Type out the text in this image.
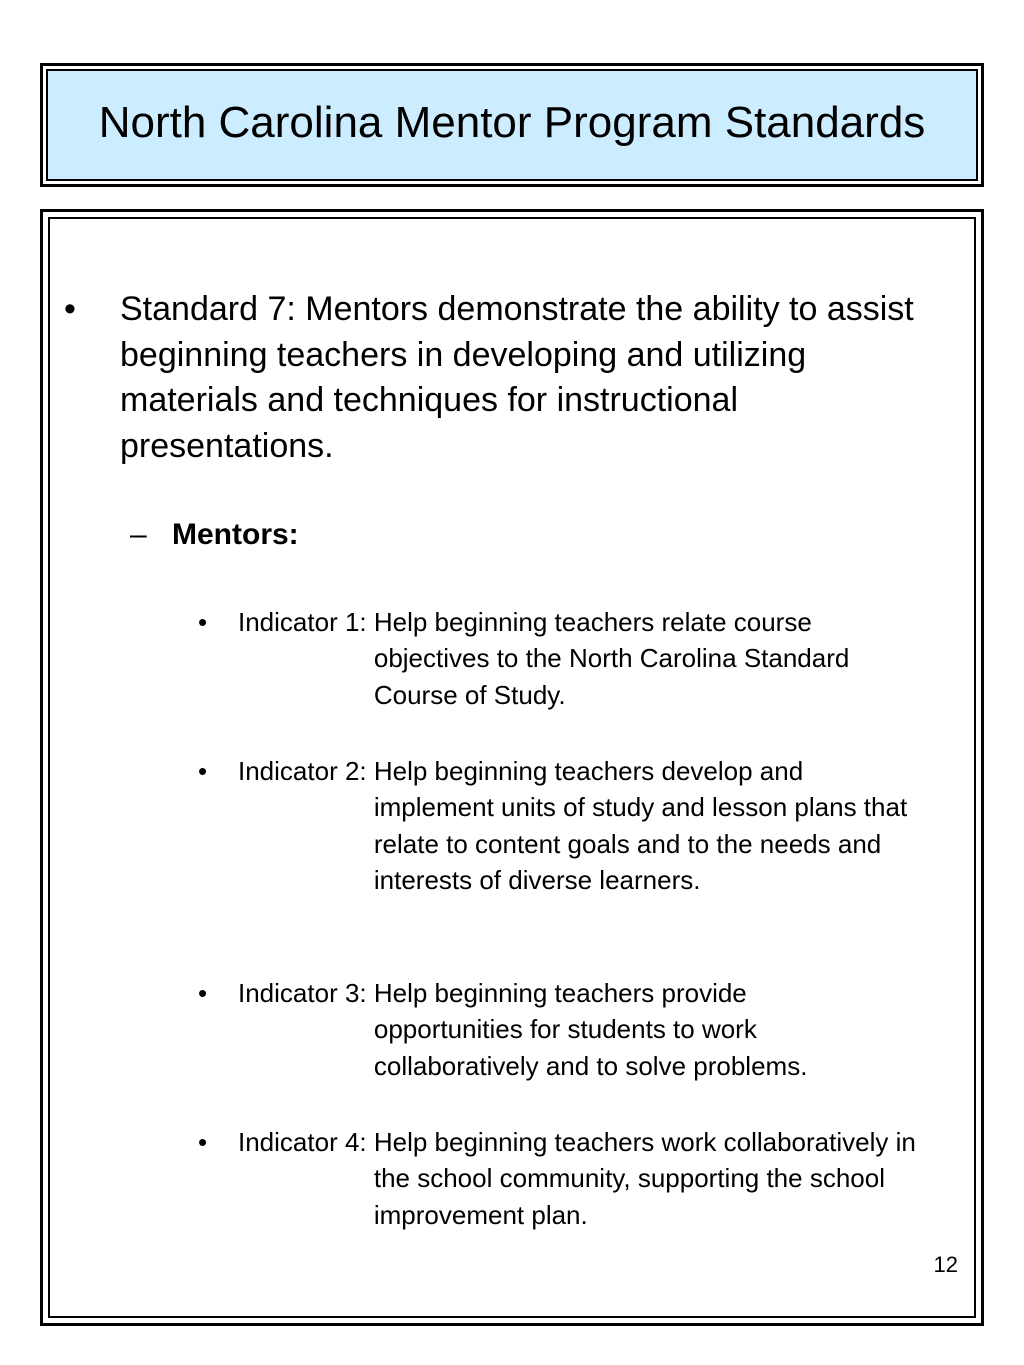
North Carolina Mentor Program Standards
•	Standard 7: Mentors demonstrate the ability to assist beginning teachers in developing and utilizing materials and techniques for instructional presentations.
– Mentors:
•	Indicator 1: Help beginning teachers relate course objectives to the North Carolina Standard Course of Study.
•	Indicator 2: Help beginning teachers develop and implement units of study and lesson plans that relate to content goals and to the needs and interests of diverse learners.
•	Indicator 3: Help beginning teachers provide opportunities for students to work collaboratively and to solve problems.
•	Indicator 4: Help beginning teachers work collaboratively in the school community, supporting the school improvement plan.
12
